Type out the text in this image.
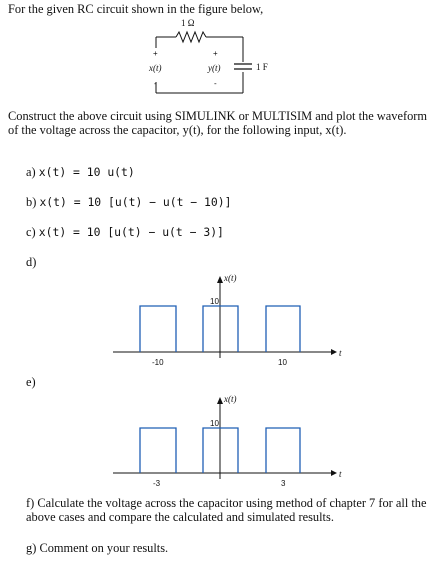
For the given RC circuit shown in the figure below,
1 Ω
+
x(t)
-
+
y(t)
-
1 F
x(t)
t
10
-10	10
x(t)
t
10
-3	3
Construct the above circuit using SIMULINK or MULTISIM and plot the waveform of the voltage across the capacitor, y(t), for the following input, x(t).
a) x(t) = 10 u(t)
b) x(t) = 10 [u(t) − u(t − 10)]
c) x(t) = 10 [u(t) − u(t − 3)]
d)
e)
f) Calculate the voltage across the capacitor using method of chapter 7 for all the above cases and compare the calculated and simulated results.
g) Comment on your results.
